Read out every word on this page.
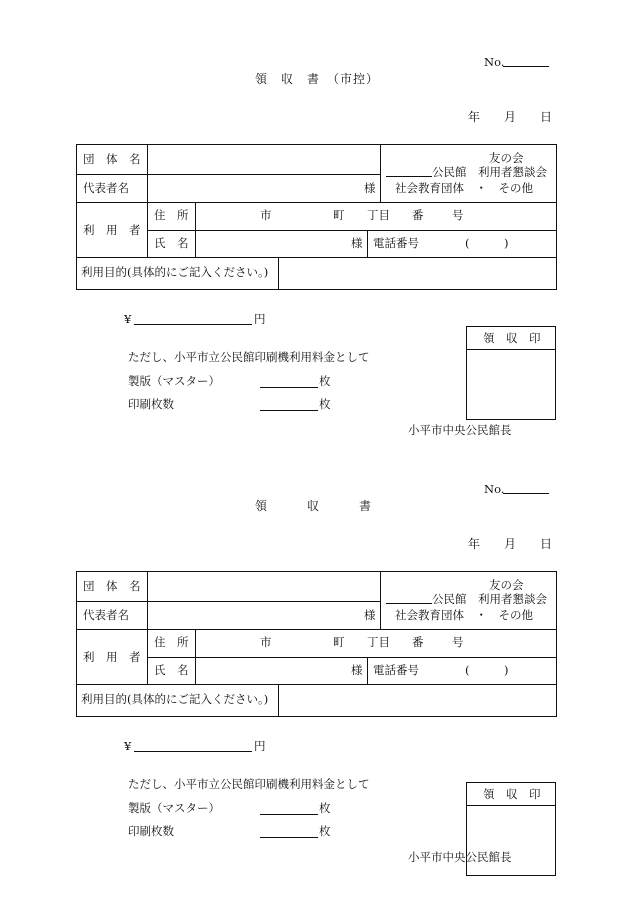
No.
領　収　書　（市控）
年　　月　　日
団　体　名
代表者名	様
友の会
公民館　利用者懇談会
社会教育団体　・　その他
利　用　者
住　所	市	町 丁目 番 号
氏　名	様 電話番号	(　　　)
利用目的(具体的にご記入ください。)
¥	円
ただし、小平市立公民館印刷機利用料金として
製版（マスター）	枚
印刷枚数	枚
領　収　印
小平市中央公民館長
No.
領　　　収　　　書
年　　月　　日
団　体　名
代表者名	様
友の会
公民館　利用者懇談会
社会教育団体　・　その他
利　用　者
住　所	市	町 丁目 番 号
氏　名	様 電話番号	(　　　)
利用目的(具体的にご記入ください。)
¥	円
ただし、小平市立公民館印刷機利用料金として
製版（マスター）	枚
印刷枚数	枚
領　収　印
小平市中央公民館長
